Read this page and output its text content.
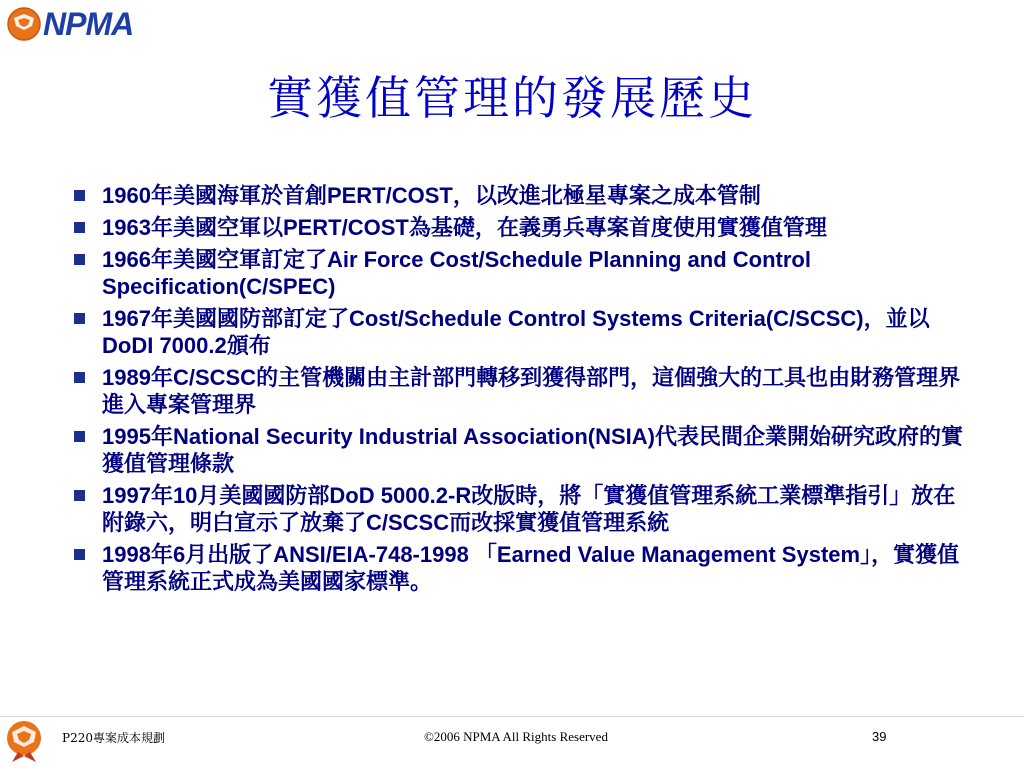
NPMA
實獲值管理的發展歷史
1960年美國海軍於首創PERT/COST，以改進北極星專案之成本管制
1963年美國空軍以PERT/COST為基礎，在義勇兵專案首度使用實獲值管理
1966年美國空軍訂定了Air Force Cost/Schedule Planning and Control Specification(C/SPEC)
1967年美國國防部訂定了Cost/Schedule Control Systems Criteria(C/SCSC)，並以DoDI 7000.2頒布
1989年C/SCSC的主管機關由主計部門轉移到獲得部門，這個強大的工具也由財務管理界進入專案管理界
1995年National Security Industrial Association(NSIA)代表民間企業開始研究政府的實獲值管理條款
1997年10月美國國防部DoD 5000.2-R改版時，將「實獲值管理系統工業標準指引」放在附錄六，明白宣示了放棄了C/SCSC而改採實獲值管理系統
1998年6月出版了ANSI/EIA-748-1998 「Earned Value Management System」，實獲值管理系統正式成為美國國家標準。
P220專案成本規劃	©2006 NPMA All Rights Reserved	39
